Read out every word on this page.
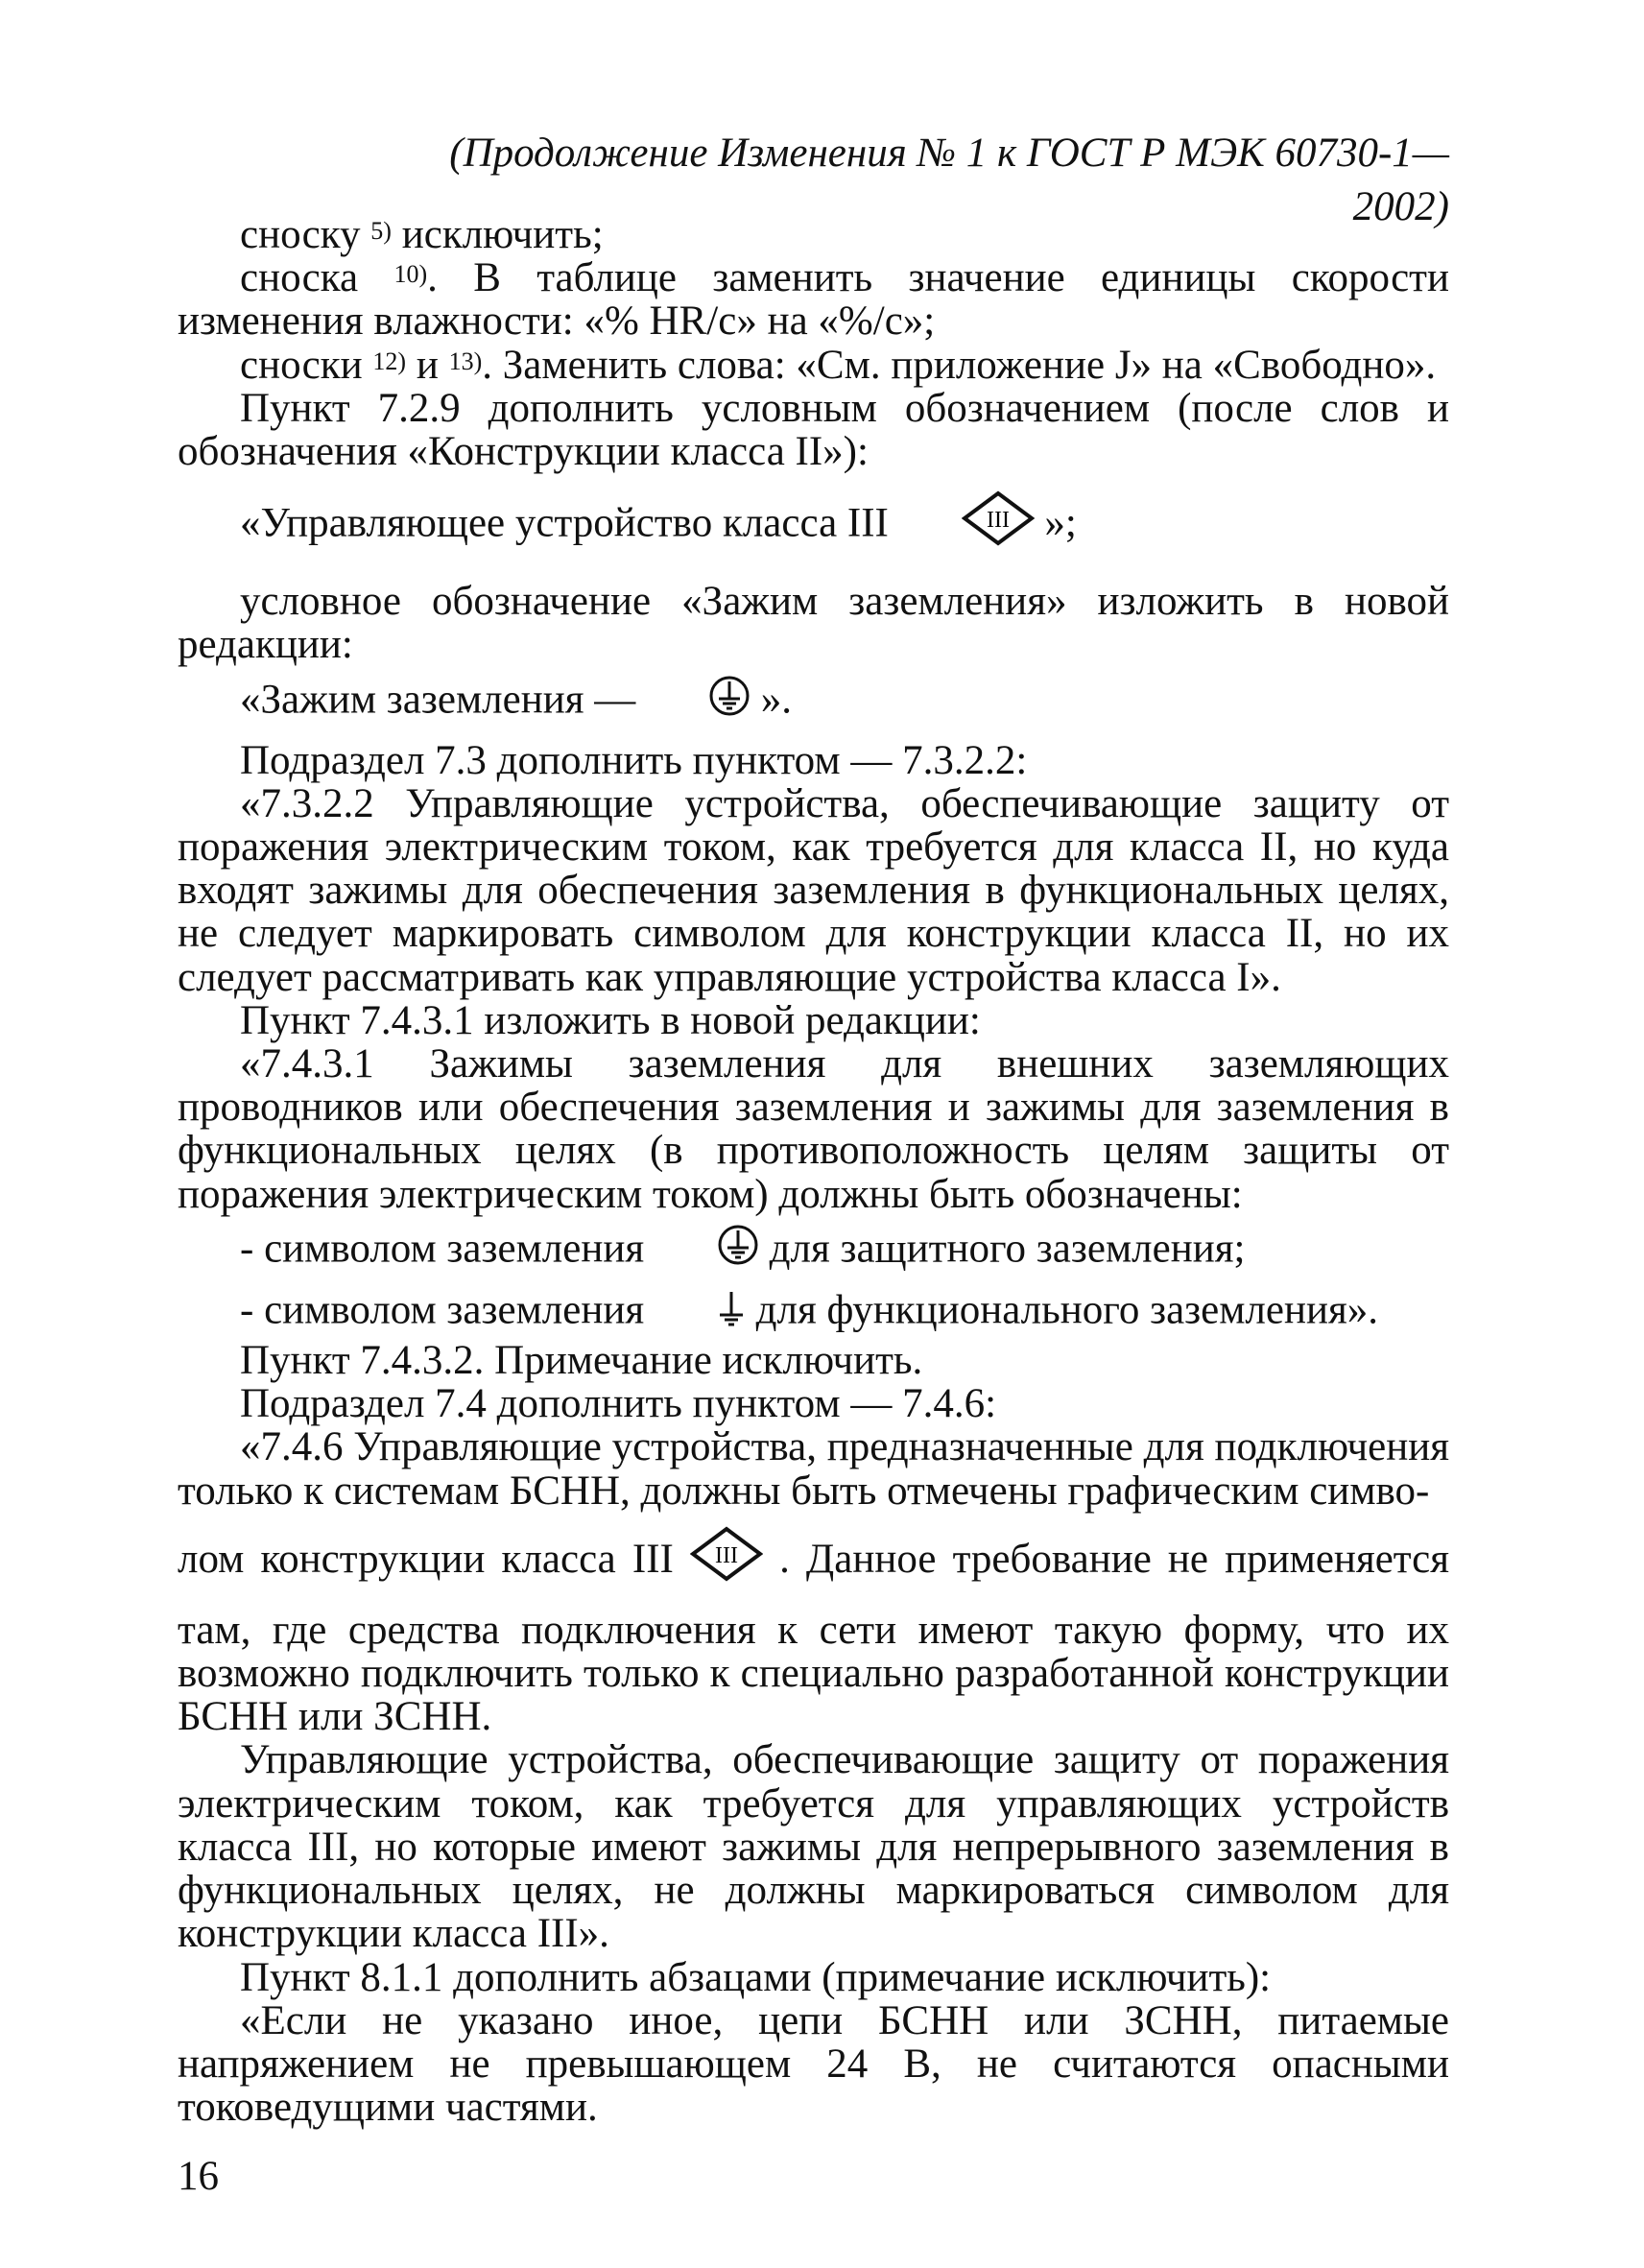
(Продолжение Изменения № 1 к ГОСТ Р МЭК 60730-1—2002)

сноску $^{5)}$ исключить;

сноска $^{10)}$. В таблице заменить значение единицы скорости изменения влажности: «% HR/с» на «%/с»;

сноски $^{12)}$ и $^{13)}$. Заменить слова: «См. приложение J» на «Свободно».

Пункт 7.2.9 дополнить условным обозначением (после слов и обозначения «Конструкции класса II»):

«Управляющее устройство класса III	III »;

условное обозначение «Зажим заземления» изложить в новой редакции:

«Зажим заземления —	».

Подраздел 7.3 дополнить пунктом — 7.3.2.2:

«7.3.2.2 Управляющие устройства, обеспечивающие защиту от поражения электрическим током, как требуется для класса II, но куда входят зажимы для обеспечения заземления в функциональных целях, не следует маркировать символом для конструкции класса II, но их следует рассматривать как управляющие устройства класса I».

Пункт 7.4.3.1 изложить в новой редакции:

«7.4.3.1 Зажимы заземления для внешних заземляющих проводников или обеспечения заземления и зажимы для заземления в функциональных целях (в противоположность целям защиты от поражения электрическим током) должны быть обозначены:

- символом заземления	для защитного заземления;

- символом заземления  для функционального заземления».

Пункт 7.4.3.2. Примечание исключить.

Подраздел 7.4 дополнить пунктом — 7.4.6:

«7.4.6 Управляющие устройства, предназначенные для подключения только к системам БСНН, должны быть отмечены графическим симво-

лом конструкции класса III III . Данное требование не применяется

там, где средства подключения к сети имеют такую форму, что их возможно подключить только к специально разработанной конструкции БСНН или ЗСНН.

Управляющие устройства, обеспечивающие защиту от поражения электрическим током, как требуется для управляющих устройств класса III, но которые имеют зажимы для непрерывного заземления в функциональных целях, не должны маркироваться символом для конструкции класса III».

Пункт 8.1.1 дополнить абзацами (примечание исключить):

«Если не указано иное, цепи БСНН или ЗСНН, питаемые напряжением не превышающем 24 В, не считаются опасными токоведущими частями.

16
